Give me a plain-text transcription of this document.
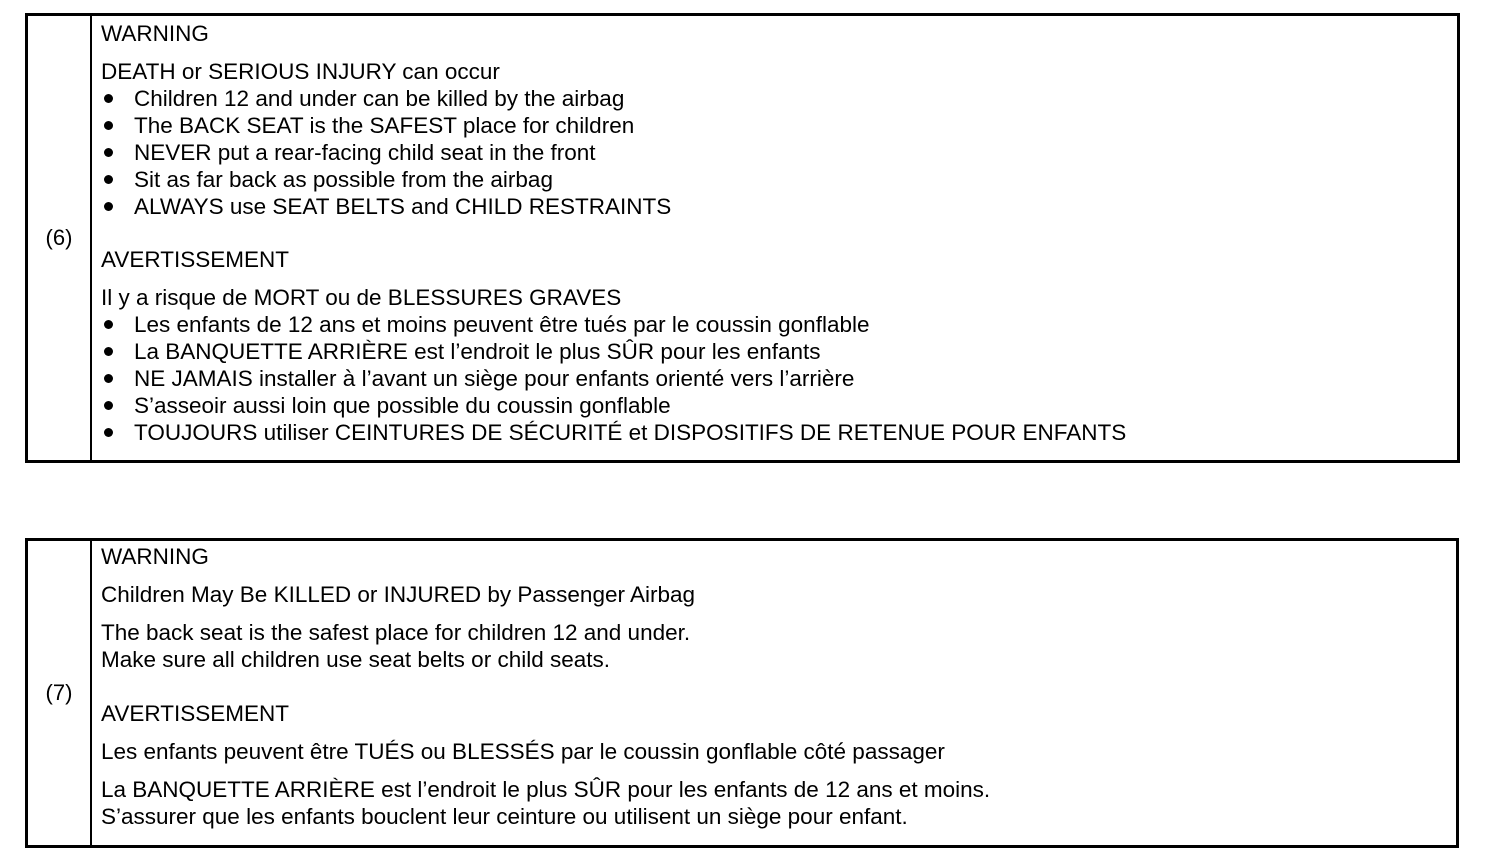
(6)
WARNING
DEATH or SERIOUS INJURY can occur
Children 12 and under can be killed by the airbag
The BACK SEAT is the SAFEST place for children
NEVER put a rear-facing child seat in the front
Sit as far back as possible from the airbag
ALWAYS use SEAT BELTS and CHILD RESTRAINTS
AVERTISSEMENT
Il y a risque de MORT ou de BLESSURES GRAVES
Les enfants de 12 ans et moins peuvent être tués par le coussin gonflable
La BANQUETTE ARRIÈRE est l’endroit le plus SÛR pour les enfants
NE JAMAIS installer à l’avant un siège pour enfants orienté vers l’arrière
S’asseoir aussi loin que possible du coussin gonflable
TOUJOURS utiliser CEINTURES DE SÉCURITÉ et DISPOSITIFS DE RETENUE POUR ENFANTS
(7)
WARNING
Children May Be KILLED or INJURED by Passenger Airbag
The back seat is the safest place for children 12 and under.
Make sure all children use seat belts or child seats.
AVERTISSEMENT
Les enfants peuvent être TUÉS ou BLESSÉS par le coussin gonflable côté passager
La BANQUETTE ARRIÈRE est l’endroit le plus SÛR pour les enfants de 12 ans et moins.
S’assurer que les enfants bouclent leur ceinture ou utilisent un siège pour enfant.
